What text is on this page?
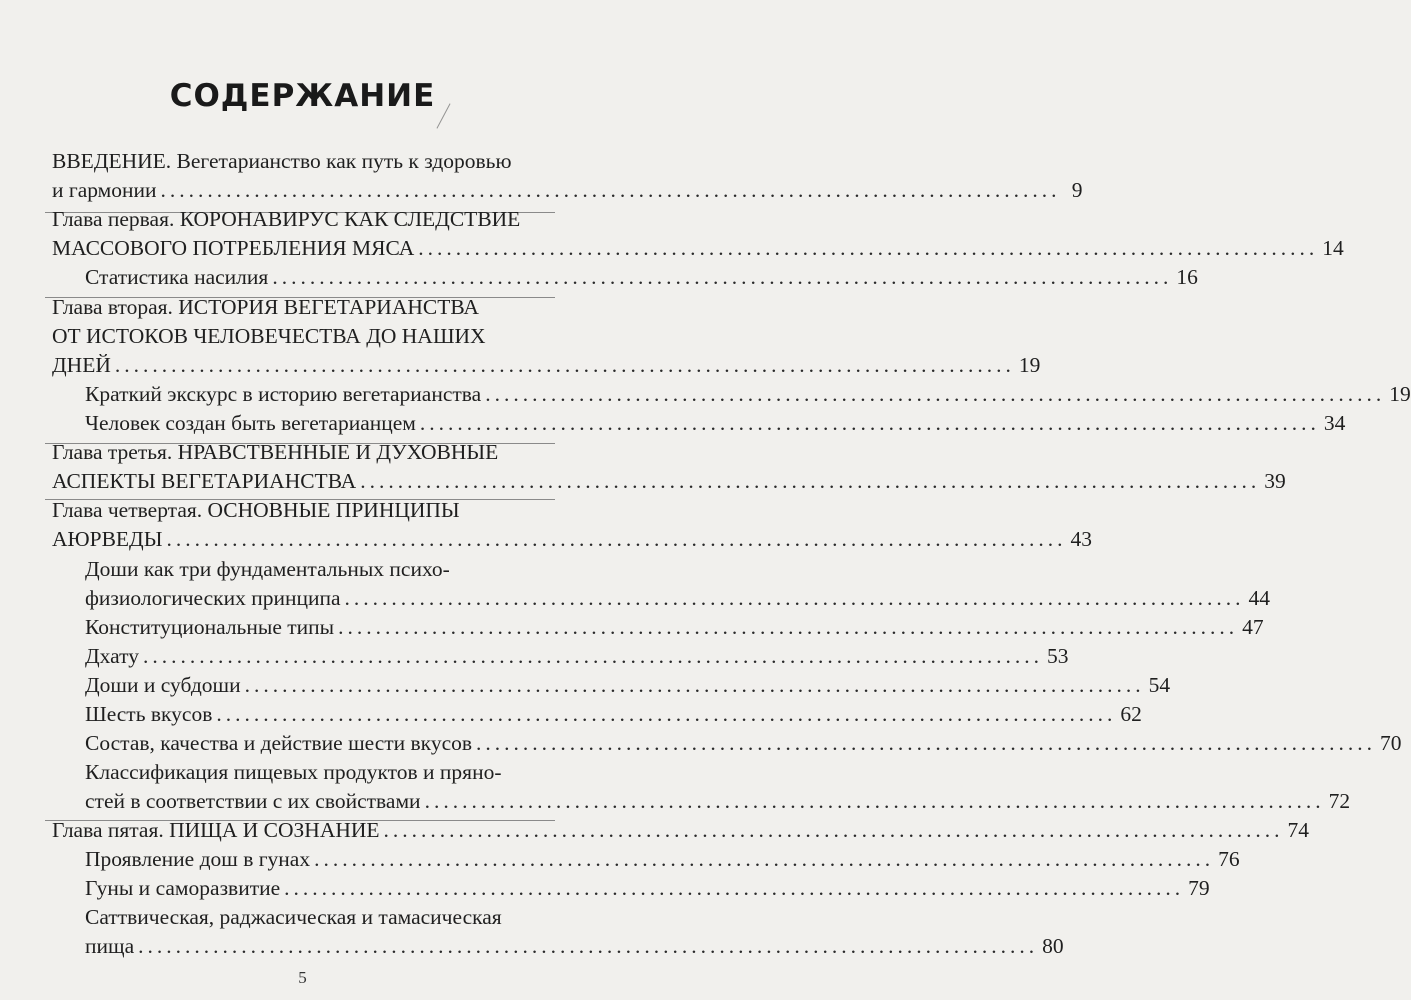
СОДЕРЖАНИЕ
ВВЕДЕНИЕ. Вегетарианство как путь к здоровью
и гармонии ................................................................................................ 9
Глава первая. КОРОНАВИРУС КАК СЛЕДСТВИЕ
МАССОВОГО ПОТРЕБЛЕНИЯ МЯСА ................................................................................................ 14
Статистика насилия ................................................................................................ 16
Глава вторая. ИСТОРИЯ ВЕГЕТАРИАНСТВА
ОТ ИСТОКОВ ЧЕЛОВЕЧЕСТВА ДО НАШИХ
ДНЕЙ ................................................................................................ 19
Краткий экскурс в историю вегетарианства ................................................................................................ 19
Человек создан быть вегетарианцем ................................................................................................ 34
Глава третья. НРАВСТВЕННЫЕ И ДУХОВНЫЕ
АСПЕКТЫ ВЕГЕТАРИАНСТВА ................................................................................................ 39
Глава четвертая. ОСНОВНЫЕ ПРИНЦИПЫ
АЮРВЕДЫ ................................................................................................ 43
Доши как три фундаментальных психо-
физиологических принципа ................................................................................................ 44
Конституциональные типы ................................................................................................ 47
Дхату ................................................................................................ 53
Доши и субдоши ................................................................................................ 54
Шесть вкусов ................................................................................................ 62
Состав, качества и действие шести вкусов ................................................................................................ 70
Классификация пищевых продуктов и пряно-
стей в соответствии с их свойствами ................................................................................................ 72
Глава пятая. ПИЩА И СОЗНАНИЕ ................................................................................................ 74
Проявление дош в гунах ................................................................................................ 76
Гуны и саморазвитие ................................................................................................ 79
Саттвическая, раджасическая и тамасическая
пища ................................................................................................ 80
5
